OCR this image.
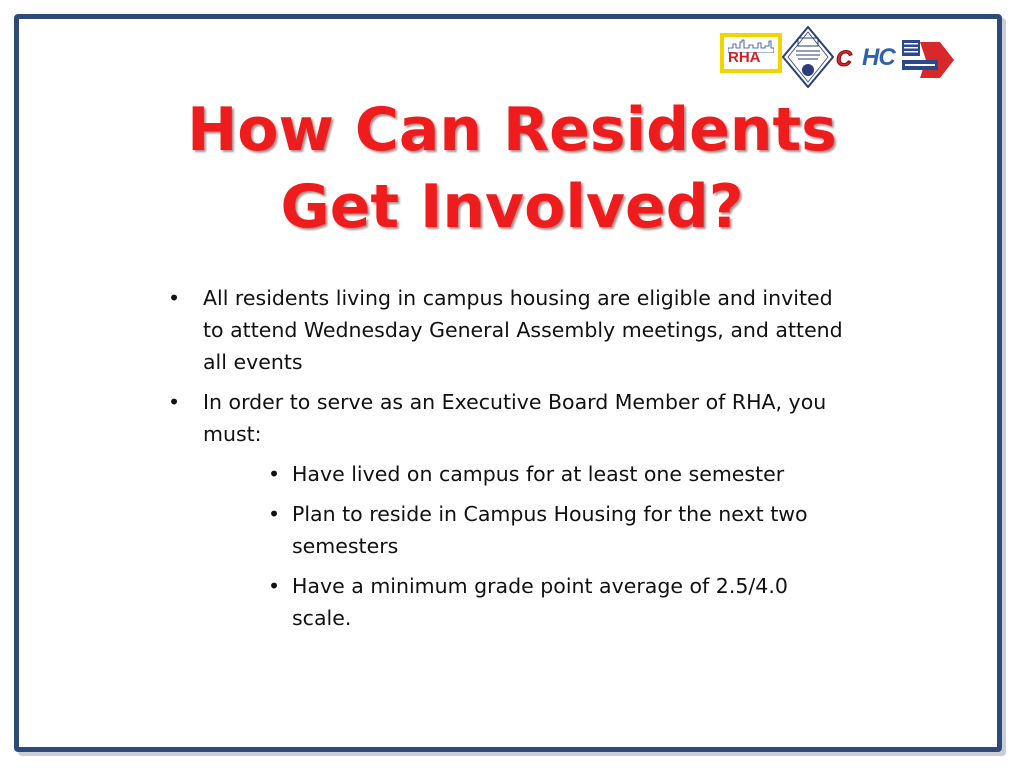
RHA	C HC
How Can Residents
Get Involved?
• All residents living in campus housing are eligible and invited to attend Wednesday General Assembly meetings, and attend all events
• In order to serve as an Executive Board Member of RHA, you must:
• Have lived on campus for at least one semester
• Plan to reside in Campus Housing for the next two semesters
• Have a minimum grade point average of 2.5/4.0 scale.
